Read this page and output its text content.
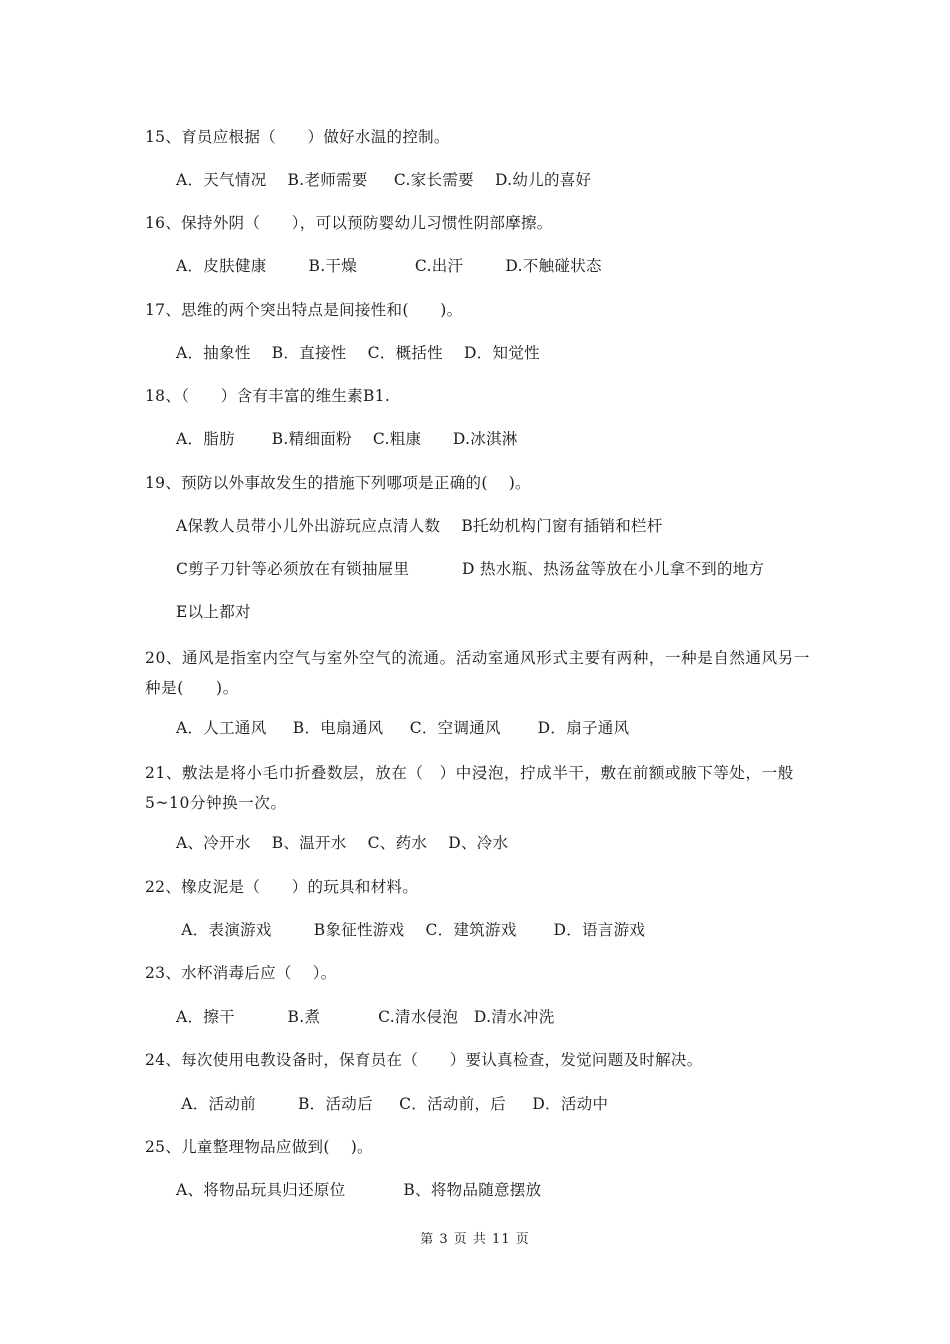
15、育员应根据（　　）做好水温的控制。
A．天气情况　 B.老师需要 　 C.家长需要 　D.幼儿的喜好
16、保持外阴（　　），可以预防婴幼儿习惯性阴部摩擦。
A．皮肤健康 　　 B.干燥 　　　 C.出汗 　　 D.不触碰状态
17、思维的两个突出特点是间接性和(　　)。
A．抽象性　 B．直接性　 C．概括性　 D．知觉性
18、（　　）含有丰富的维生素B1.
A．脂肪　　 B.精细面粉　 C.粗康　　D.冰淇淋
19、预防以外事故发生的措施下列哪项是正确的(　 )。
A保教人员带小儿外出游玩应点清人数　 B托幼机构门窗有插销和栏杆
C剪子刀针等必须放在有锁抽屉里　　　 D 热水瓶、热汤盆等放在小儿拿不到的地方
E以上都对
20、通风是指室内空气与室外空气的流通。活动室通风形式主要有两种，一种是自然通风另一种是(　　)。
A．人工通风 　 B．电扇通风 　 C．空调通风 　　D．扇子通风
21、敷法是将小毛巾折叠数层，放在（　）中浸泡，拧成半干，敷在前额或腋下等处，一般5~10分钟换一次。
A、冷开水　 B、温开水　 C、药水　 D、冷水
22、橡皮泥是（　　）的玩具和材料。
A．表演游戏 　　 B象征性游戏　 C．建筑游戏 　　D．语言游戏
23、水杯消毒后应（　 ）。
A．擦干 　　　B.煮 　　　 C.清水侵泡　D.清水冲洗
24、每次使用电教设备时，保育员在（　　）要认真检查，发觉问题及时解决。
A．活动前 　　 B．活动后 　 C．活动前，后 　 D．活动中
25、儿童整理物品应做到(　 )。
A、将物品玩具归还原位 　　　 B、将物品随意摆放
第 3 页 共 11 页
